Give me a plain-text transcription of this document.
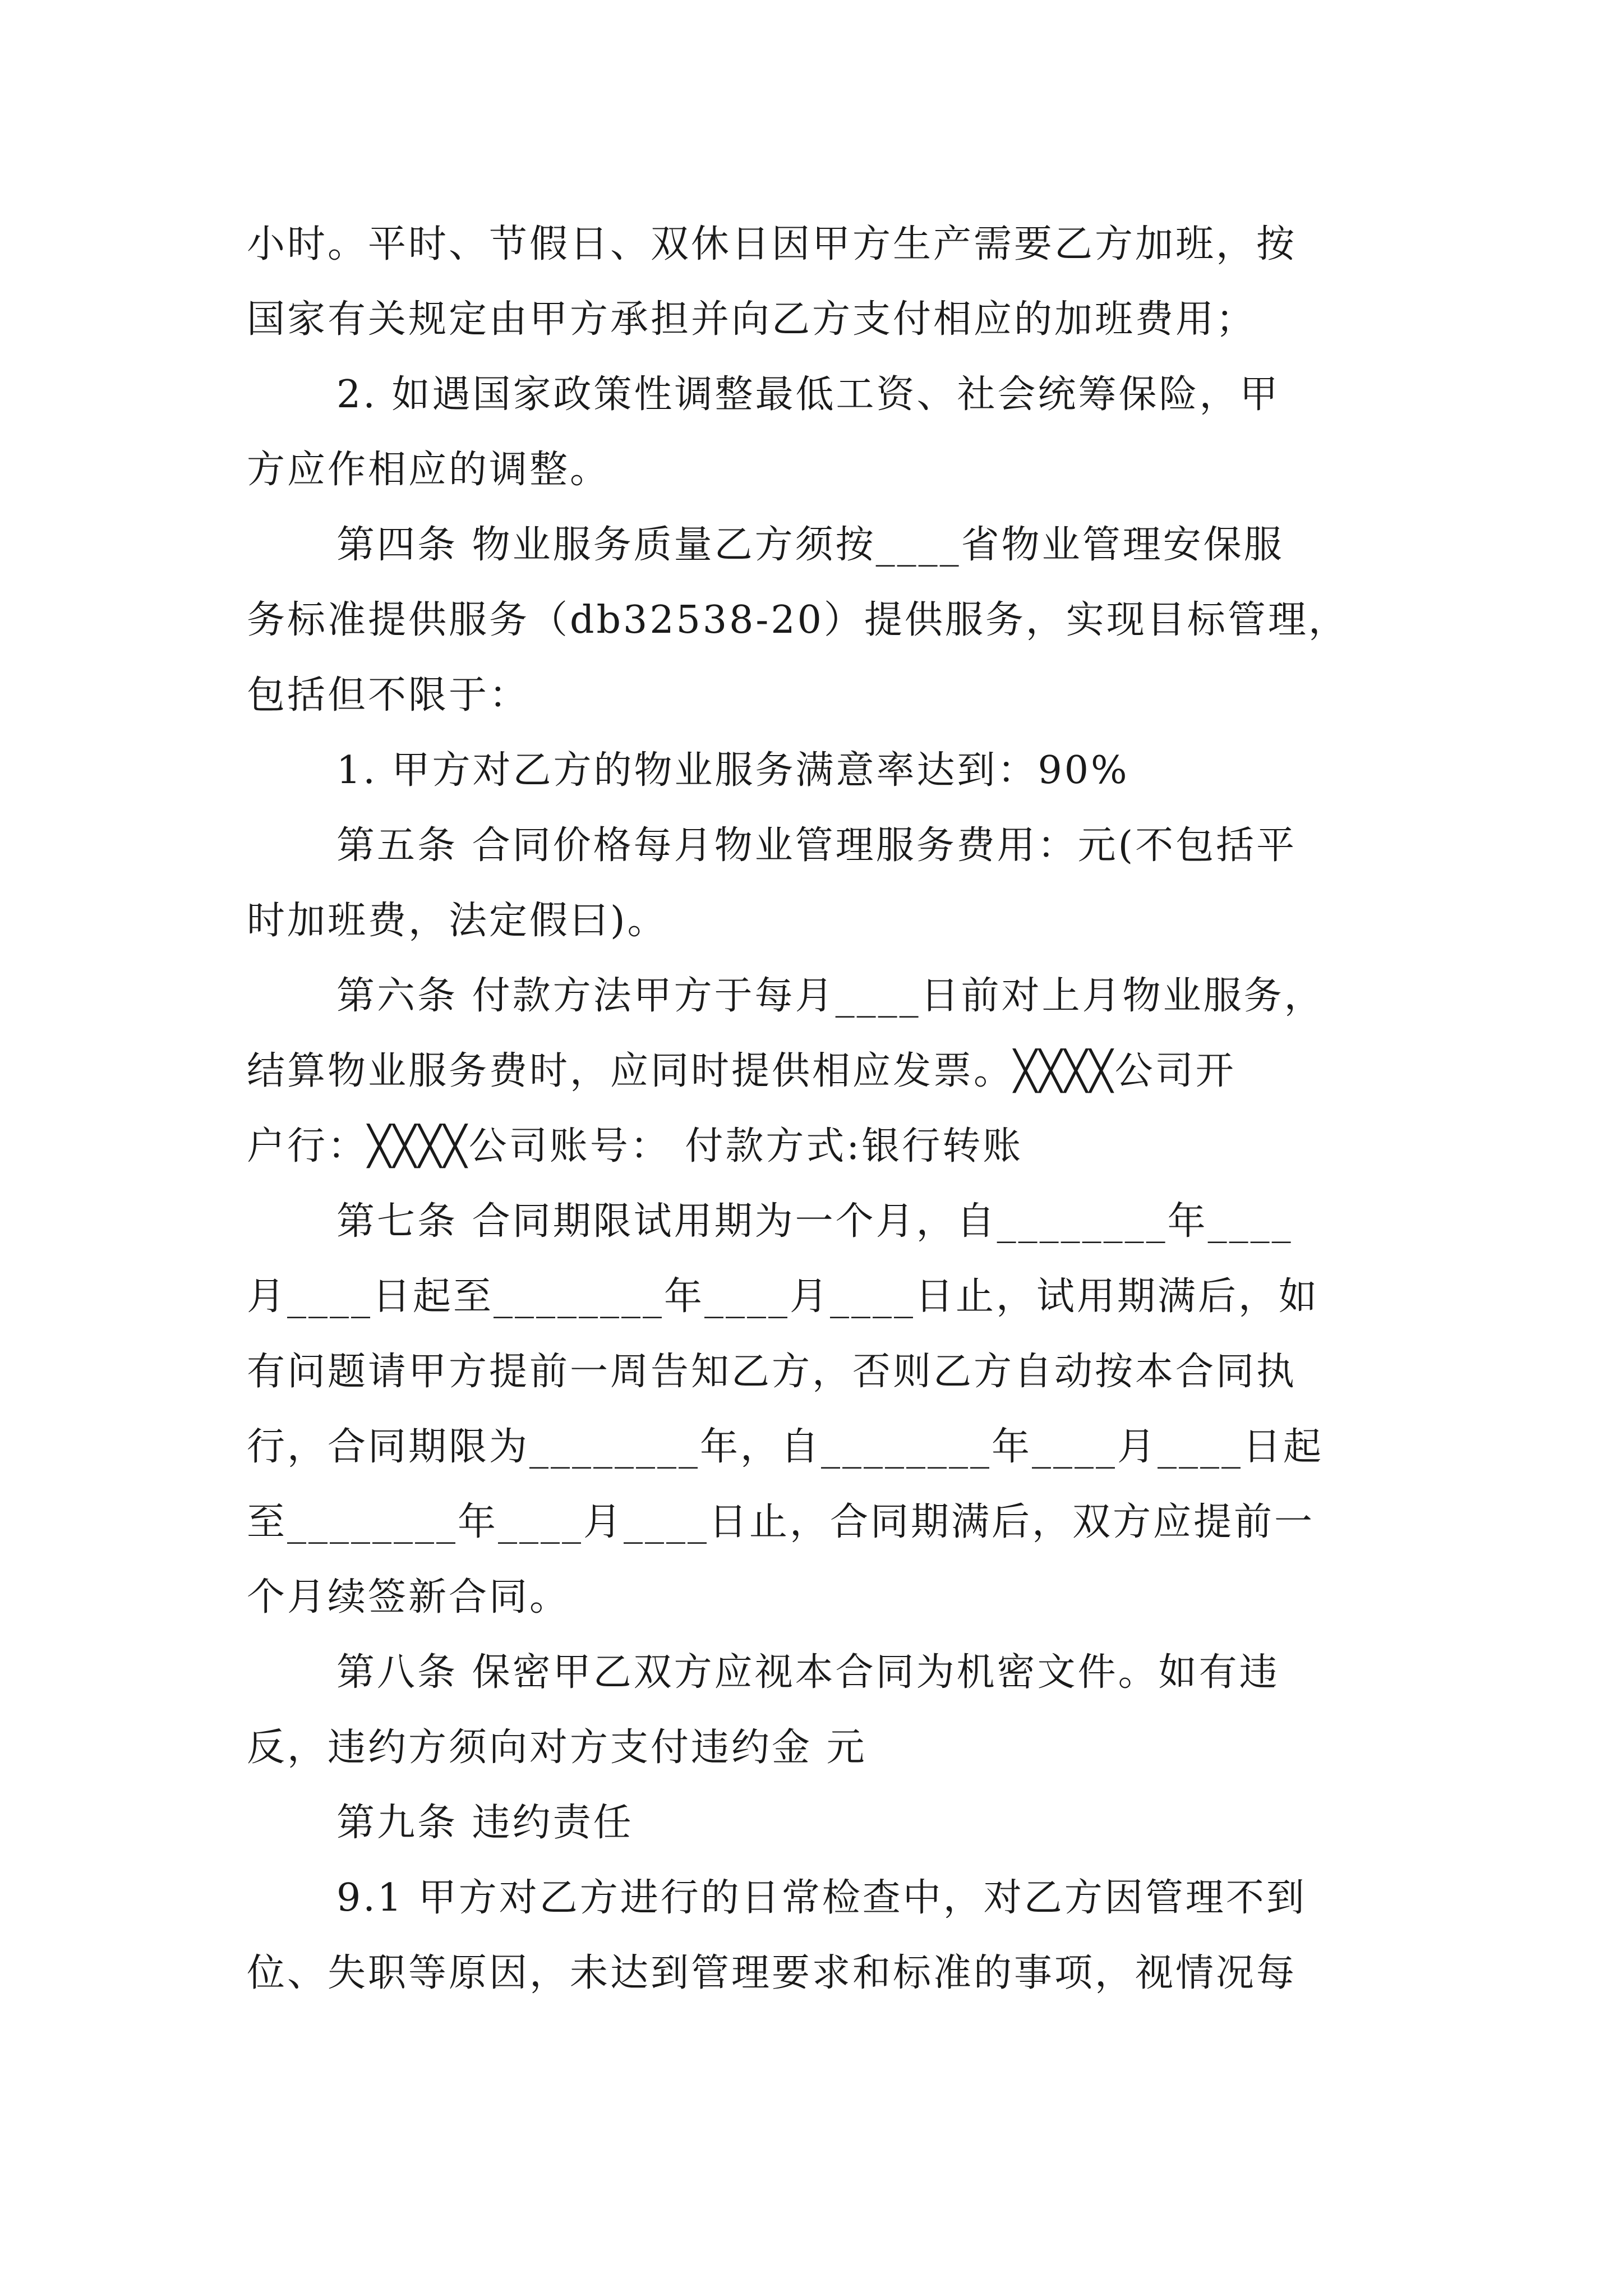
小时。平时、节假日、双休日因甲方生产需要乙方加班，按
国家有关规定由甲方承担并向乙方支付相应的加班费用；
2. 如遇国家政策性调整最低工资、社会统筹保险，甲
方应作相应的调整。
第四条 物业服务质量乙方须按____省物业管理安保服
务标准提供服务（db32538-20）提供服务，实现目标管理，
包括但不限于：
1. 甲方对乙方的物业服务满意率达到：90%
第五条 合同价格每月物业管理服务费用：元(不包括平
时加班费，法定假曰)。
第六条 付款方法甲方于每月____日前对上月物业服务，
结算物业服务费时，应同时提供相应发票。╳╳╳╳公司开
户行：╳╳╳╳公司账号： 付款方式:银行转账
第七条 合同期限试用期为一个月，自________年____
月____日起至________年____月____日止，试用期满后，如
有问题请甲方提前一周告知乙方，否则乙方自动按本合同执
行，合同期限为________年，自________年____月____日起
至________年____月____日止，合同期满后，双方应提前一
个月续签新合同。
第八条 保密甲乙双方应视本合同为机密文件。如有违
反，违约方须向对方支付违约金 元
第九条 违约责任
9.1 甲方对乙方进行的日常检查中，对乙方因管理不到
位、失职等原因，未达到管理要求和标准的事项，视情况每
